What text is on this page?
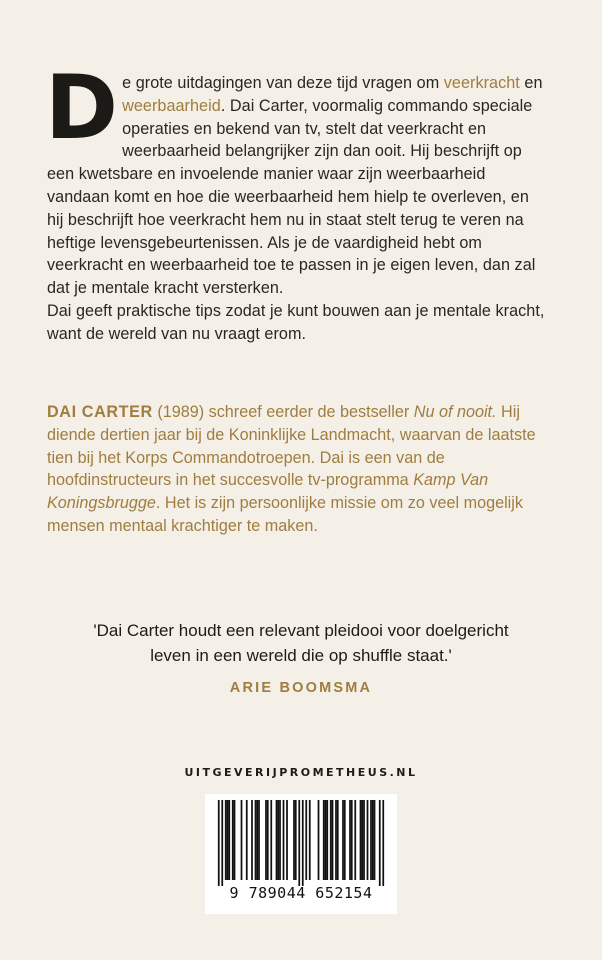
De grote uitdagingen van deze tijd vragen om veerkracht en weerbaarheid. Dai Carter, voormalig commando speciale operaties en bekend van tv, stelt dat veerkracht en weerbaarheid belangrijker zijn dan ooit. Hij beschrijft op een kwetsbare en invoelende manier waar zijn weerbaarheid vandaan komt en hoe die weerbaarheid hem hielp te overleven, en hij beschrijft hoe veerkracht hem nu in staat stelt terug te veren na heftige levensgebeurtenissen. Als je de vaardigheid hebt om veerkracht en weerbaarheid toe te passen in je eigen leven, dan zal dat je mentale kracht versterken.
Dai geeft praktische tips zodat je kunt bouwen aan je mentale kracht, want de wereld van nu vraagt erom.
DAI CARTER (1989) schreef eerder de bestseller Nu of nooit. Hij diende dertien jaar bij de Koninklijke Landmacht, waarvan de laatste tien bij het Korps Commandotroepen. Dai is een van de hoofdinstructeurs in het succesvolle tv-programma Kamp Van Koningsbrugge. Het is zijn persoonlijke missie om zo veel mogelijk mensen mentaal krachtiger te maken.
'Dai Carter houdt een relevant pleidooi voor doelgericht
leven in een wereld die op shuffle staat.'
ARIE BOOMSMA
UITGEVERIJPROMETHEUS.NL
9 789044 652154
